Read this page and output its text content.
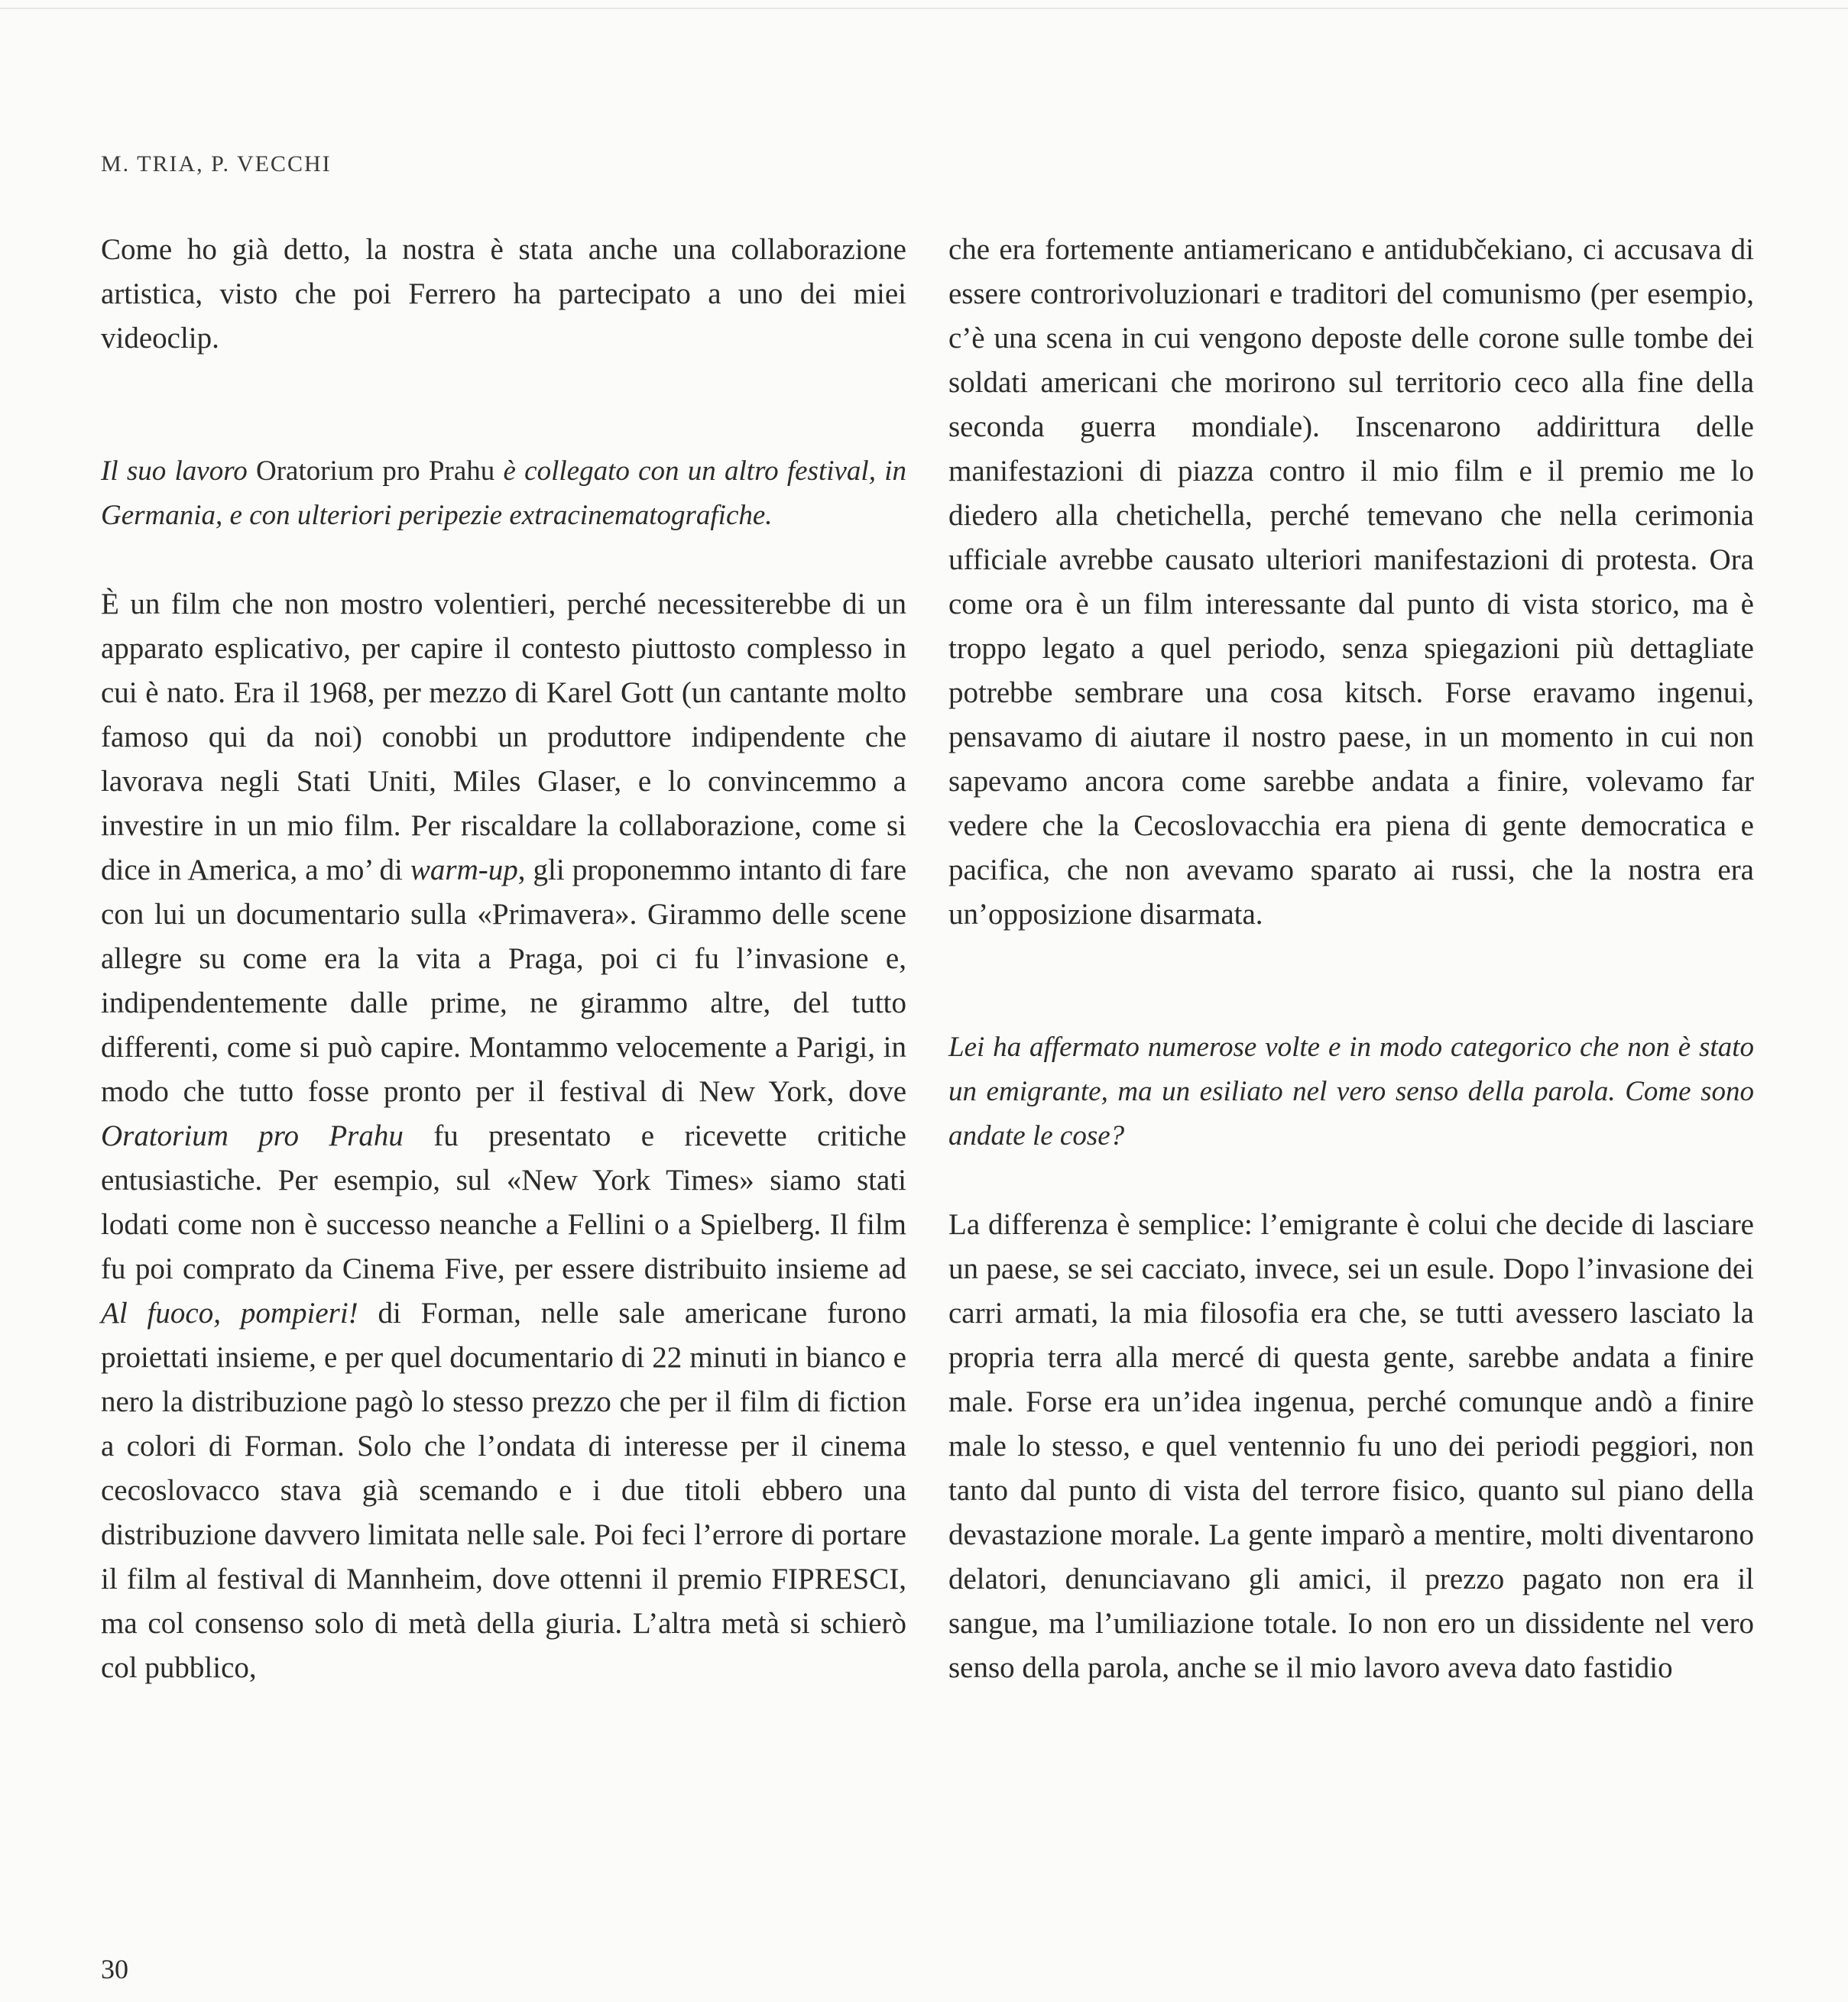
M. TRIA, P. VECCHI

Come ho già detto, la nostra è stata anche una collaborazione artistica, visto che poi Ferrero ha partecipato a uno dei miei videoclip.

Il suo lavoro Oratorium pro Prahu è collegato con un altro festival, in Germania, e con ulteriori peripezie extracinematografiche.

È un film che non mostro volentieri, perché necessiterebbe di un apparato esplicativo, per capire il contesto piuttosto complesso in cui è nato. Era il 1968, per mezzo di Karel Gott (un cantante molto famoso qui da noi) conobbi un produttore indipendente che lavorava negli Stati Uniti, Miles Glaser, e lo convincemmo a investire in un mio film. Per riscaldare la collaborazione, come si dice in America, a mo’ di warm-up, gli proponemmo intanto di fare con lui un documentario sulla «Primavera». Girammo delle scene allegre su come era la vita a Praga, poi ci fu l’invasione e, indipendentemente dalle prime, ne girammo altre, del tutto differenti, come si può capire. Montammo velocemente a Parigi, in modo che tutto fosse pronto per il festival di New York, dove Oratorium pro Prahu fu presentato e ricevette critiche entusiastiche. Per esempio, sul «New York Times» siamo stati lodati come non è successo neanche a Fellini o a Spielberg. Il film fu poi comprato da Cinema Five, per essere distribuito insieme ad Al fuoco, pompieri! di Forman, nelle sale americane furono proiettati insieme, e per quel documentario di 22 minuti in bianco e nero la distribuzione pagò lo stesso prezzo che per il film di fiction a colori di Forman. Solo che l’ondata di interesse per il cinema cecoslovacco stava già scemando e i due titoli ebbero una distribuzione davvero limitata nelle sale. Poi feci l’errore di portare il film al festival di Mannheim, dove ottenni il premio FIPRESCI, ma col consenso solo di metà della giuria. L’altra metà si schierò col pubblico,

che era fortemente antiamericano e antidubčekiano, ci accusava di essere controrivoluzionari e traditori del comunismo (per esempio, c’è una scena in cui vengono deposte delle corone sulle tombe dei soldati americani che morirono sul territorio ceco alla fine della seconda guerra mondiale). Inscenarono addirittura delle manifestazioni di piazza contro il mio film e il premio me lo diedero alla chetichella, perché temevano che nella cerimonia ufficiale avrebbe causato ulteriori manifestazioni di protesta. Ora come ora è un film interessante dal punto di vista storico, ma è troppo legato a quel periodo, senza spiegazioni più dettagliate potrebbe sembrare una cosa kitsch. Forse eravamo ingenui, pensavamo di aiutare il nostro paese, in un momento in cui non sapevamo ancora come sarebbe andata a finire, volevamo far vedere che la Cecoslovacchia era piena di gente democratica e pacifica, che non avevamo sparato ai russi, che la nostra era un’opposizione disarmata.

Lei ha affermato numerose volte e in modo categorico che non è stato un emigrante, ma un esiliato nel vero senso della parola. Come sono andate le cose?

La differenza è semplice: l’emigrante è colui che decide di lasciare un paese, se sei cacciato, invece, sei un esule. Dopo l’invasione dei carri armati, la mia filosofia era che, se tutti avessero lasciato la propria terra alla mercé di questa gente, sarebbe andata a finire male. Forse era un’idea ingenua, perché comunque andò a finire male lo stesso, e quel ventennio fu uno dei periodi peggiori, non tanto dal punto di vista del terrore fisico, quanto sul piano della devastazione morale. La gente imparò a mentire, molti diventarono delatori, denunciavano gli amici, il prezzo pagato non era il sangue, ma l’umiliazione totale. Io non ero un dissidente nel vero senso della parola, anche se il mio lavoro aveva dato fastidio

30
